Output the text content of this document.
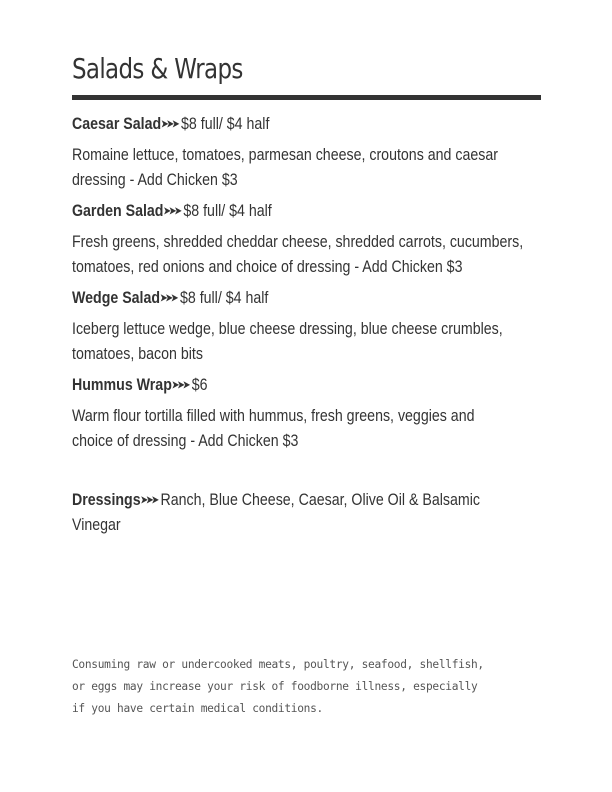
Salads & Wraps
Caesar Salad➤➤➤ $8 full/ $4 half
Romaine lettuce, tomatoes, parmesan cheese, croutons and caesar
dressing - Add Chicken $3
Garden Salad➤➤➤ $8 full/ $4 half
Fresh greens, shredded cheddar cheese, shredded carrots, cucumbers,
tomatoes, red onions and choice of dressing - Add Chicken $3
Wedge Salad➤➤➤ $8 full/ $4 half
Iceberg lettuce wedge, blue cheese dressing, blue cheese crumbles,
tomatoes, bacon bits
Hummus Wrap➤➤➤ $6
Warm flour tortilla filled with hummus, fresh greens, veggies and
choice of dressing - Add Chicken $3
Dressings➤➤➤ Ranch, Blue Cheese, Caesar, Olive Oil & Balsamic
Vinegar
Consuming raw or undercooked meats, poultry, seafood, shellfish,
or eggs may increase your risk of foodborne illness, especially
if you have certain medical conditions.
